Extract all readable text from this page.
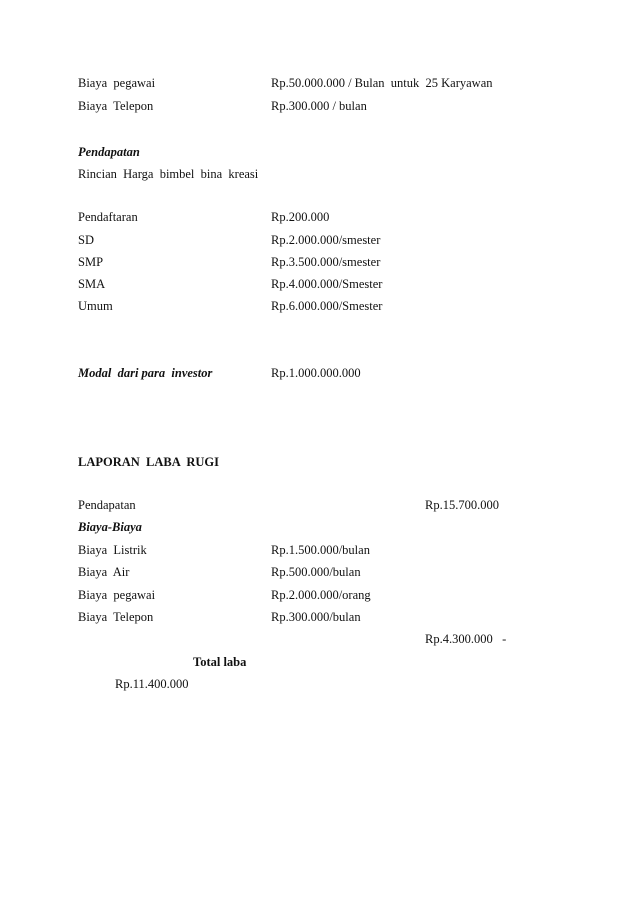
Biaya  pegawai	Rp.50.000.000 / Bulan  untuk  25 Karyawan
Biaya  Telepon	Rp.300.000 / bulan
Pendapatan
Rincian  Harga  bimbel  bina  kreasi
Pendaftaran	Rp.200.000
SD	Rp.2.000.000/smester
SMP	Rp.3.500.000/smester
SMA	Rp.4.000.000/Smester
Umum	Rp.6.000.000/Smester
Modal  dari para  investor	Rp.1.000.000.000
LAPORAN  LABA  RUGI
Pendapatan	Rp.15.700.000
Biaya-Biaya
Biaya  Listrik	Rp.1.500.000/bulan
Biaya  Air	Rp.500.000/bulan
Biaya  pegawai	Rp.2.000.000/orang
Biaya  Telepon	Rp.300.000/bulan
Rp.4.300.000   -
Total laba
Rp.11.400.000
